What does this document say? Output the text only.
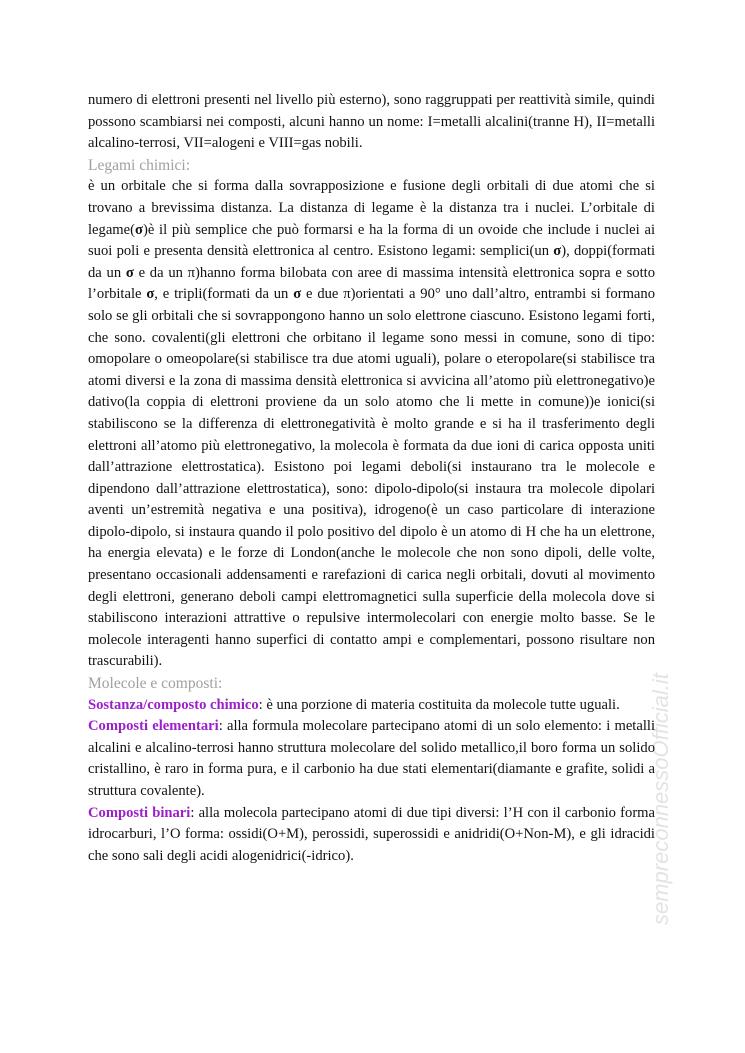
sempreconnessoOfficial.it

numero di elettroni presenti nel livello più esterno), sono raggruppati per reattività simile, quindi possono scambiarsi nei composti, alcuni hanno un nome: I=metalli alcalini(tranne H), II=metalli alcalino-terrosi, VII=alogeni e VIII=gas nobili.

Legami chimici:

è un orbitale che si forma dalla sovrapposizione e fusione degli orbitali di due atomi che si trovano a brevissima distanza. La distanza di legame è la distanza tra i nuclei. L’orbitale di legame(σ)è il più semplice che può formarsi e ha la forma di un ovoide che include i nuclei ai suoi poli e presenta densità elettronica al centro. Esistono legami: semplici(un σ), doppi(formati da un σ e da un π)hanno forma bilobata con aree di massima intensità elettronica sopra e sotto l’orbitale σ, e tripli(formati da un σ e due π)orientati a 90° uno dall’altro, entrambi si formano solo se gli orbitali che si sovrappongono hanno un solo elettrone ciascuno. Esistono legami forti, che sono. covalenti(gli elettroni che orbitano il legame sono messi in comune, sono di tipo: omopolare o omeopolare(si stabilisce tra due atomi uguali), polare o eteropolare(si stabilisce tra atomi diversi e la zona di massima densità elettronica si avvicina all’atomo più elettronegativo)e dativo(la coppia di elettroni proviene da un solo atomo che li mette in comune))e ionici(si stabiliscono se la differenza di elettronegatività è molto grande e si ha il trasferimento degli elettroni all’atomo più elettronegativo, la molecola è formata da due ioni di carica opposta uniti dall’attrazione elettrostatica). Esistono poi legami deboli(si instaurano tra le molecole e dipendono dall’attrazione elettrostatica), sono: dipolo-dipolo(si instaura tra molecole dipolari aventi un’estremità negativa e una positiva), idrogeno(è un caso particolare di interazione dipolo-dipolo, si instaura quando il polo positivo del dipolo è un atomo di H che ha un elettrone, ha energia elevata) e le forze di London(anche le molecole che non sono dipoli, delle volte, presentano occasionali addensamenti e rarefazioni di carica negli orbitali, dovuti al movimento degli elettroni, generano deboli campi elettromagnetici sulla superficie della molecola dove si stabiliscono interazioni attrattive o repulsive intermolecolari con energie molto basse. Se le molecole interagenti hanno superfici di contatto ampi e complementari, possono risultare non trascurabili).

Molecole e composti:

Sostanza/composto chimico: è una porzione di materia costituita da molecole tutte uguali.

Composti elementari: alla formula molecolare partecipano atomi di un solo elemento: i metalli alcalini e alcalino-terrosi hanno struttura molecolare del solido metallico,il boro forma un solido cristallino, è raro in forma pura, e il carbonio ha due stati elementari(diamante e grafite, solidi a struttura covalente).

Composti binari: alla molecola partecipano atomi di due tipi diversi: l’H con il carbonio forma idrocarburi, l’O forma: ossidi(O+M), perossidi, superossidi e anidridi(O+Non-M), e gli idracidi che sono sali degli acidi alogenidrici(-idrico).
